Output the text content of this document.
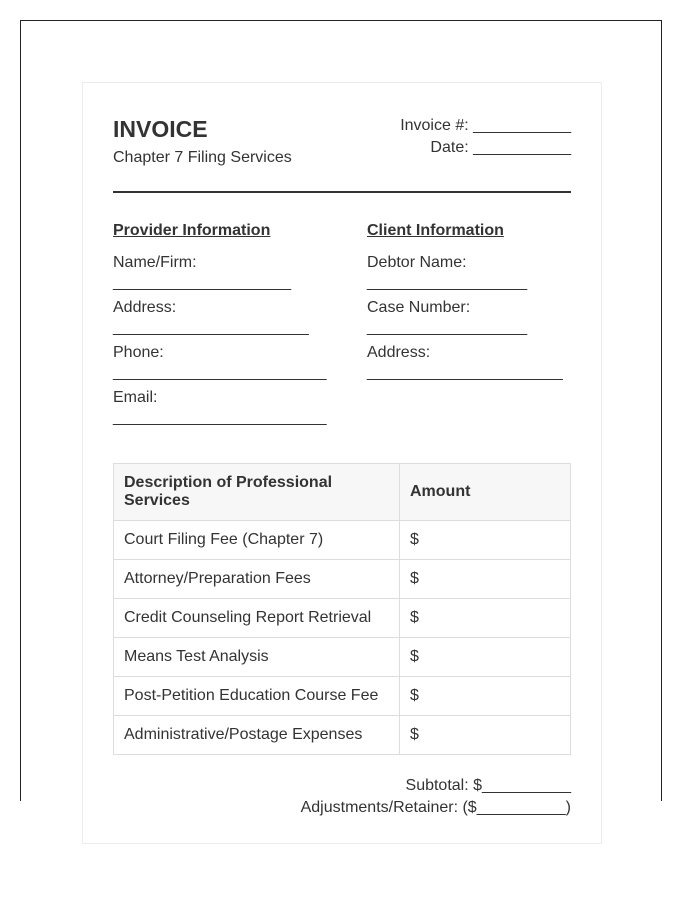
INVOICE
Chapter 7 Filing Services
Invoice #: ___________
Date: ___________
Provider Information
Name/Firm:
____________________
Address:
______________________
Phone:
________________________
Email:
________________________
Client Information
Debtor Name:
__________________
Case Number:
__________________
Address:
______________________
Description of Professional Services	Amount
Court Filing Fee (Chapter 7)	$
Attorney/Preparation Fees	$
Credit Counseling Report Retrieval	$
Means Test Analysis	$
Post-Petition Education Course Fee	$
Administrative/Postage Expenses	$
Subtotal: $__________
Adjustments/Retainer: ($__________)
